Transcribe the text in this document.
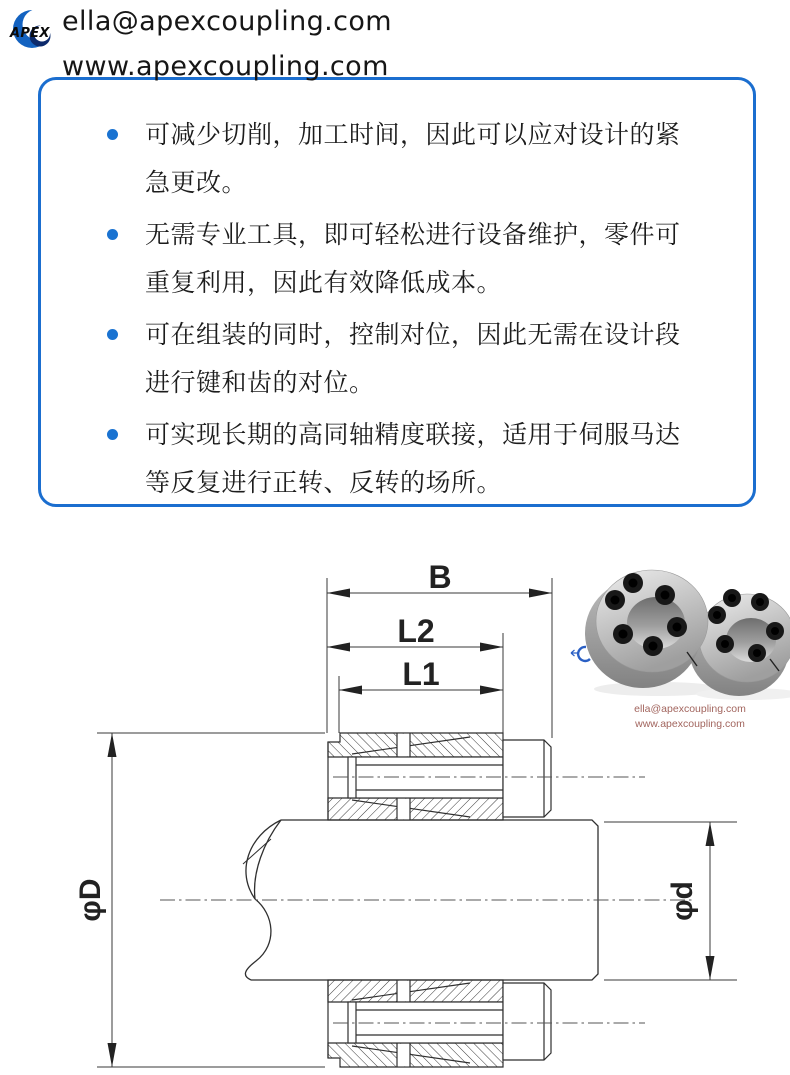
APEX ella@apexcoupling.com
www.apexcoupling.com
可减少切削，加工时间，因此可以应对设计的紧急更改。
无需专业工具，即可轻松进行设备维护，零件可重复利用，因此有效降低成本。
可在组装的同时，控制对位，因此无需在设计段进行键和齿的对位。
可实现长期的高同轴精度联接，适用于伺服马达等反复进行正转、反转的场所。
B
L2
L1
φD	φd
ella@apexcoupling.com
www.apexcoupling.com
